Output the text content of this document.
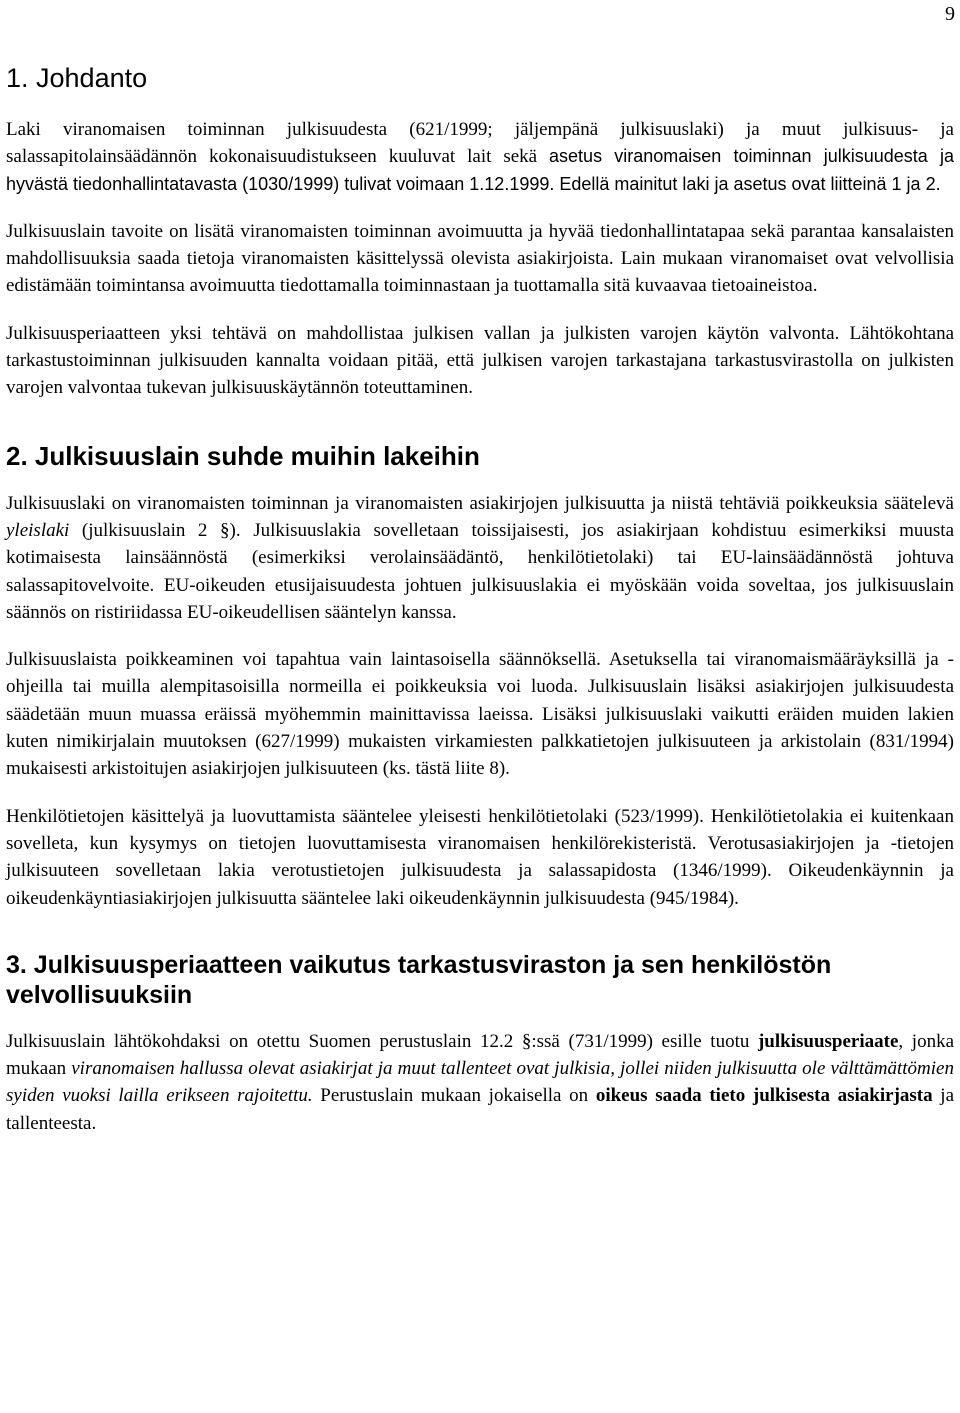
9
1. Johdanto

Laki viranomaisen toiminnan julkisuudesta (621/1999; jäljempänä julkisuuslaki) ja muut julkisuus- ja salassapitolainsäädännön kokonaisuudistukseen kuuluvat lait sekä asetus viranomaisen toiminnan julkisuudesta ja hyvästä tiedonhallintatavasta (1030/1999) tulivat voimaan 1.12.1999. Edellä mainitut laki ja asetus ovat liitteinä 1 ja 2.

Julkisuuslain tavoite on lisätä viranomaisten toiminnan avoimuutta ja hyvää tiedonhallintatapaa sekä parantaa kansalaisten mahdollisuuksia saada tietoja viranomaisten käsittelyssä olevista asiakirjoista. Lain mukaan viranomaiset ovat velvollisia edistämään toimintansa avoimuutta tiedottamalla toiminnastaan ja tuottamalla sitä kuvaavaa tietoaineistoa.

Julkisuusperiaatteen yksi tehtävä on mahdollistaa julkisen vallan ja julkisten varojen käytön valvonta. Lähtökohtana tarkastustoiminnan julkisuuden kannalta voidaan pitää, että julkisen varojen tarkastajana tarkastusvirastolla on julkisten varojen valvontaa tukevan julkisuuskäytännön toteuttaminen.

2. Julkisuuslain suhde muihin lakeihin

Julkisuuslaki on viranomaisten toiminnan ja viranomaisten asiakirjojen julkisuutta ja niistä tehtäviä poikkeuksia säätelevä yleislaki (julkisuuslain 2 §). Julkisuuslakia sovelletaan toissijaisesti, jos asiakirjaan kohdistuu esimerkiksi muusta kotimaisesta lainsäännöstä (esimerkiksi verolainsäädäntö, henkilötietolaki) tai EU-lainsäädännöstä johtuva salassapitovelvoite. EU-oikeuden etusijaisuudesta johtuen julkisuuslakia ei myöskään voida soveltaa, jos julkisuuslain säännös on ristiriidassa EU-oikeudellisen sääntelyn kanssa.

Julkisuuslaista poikkeaminen voi tapahtua vain laintasoisella säännöksellä. Asetuksella tai viranomaismääräyksillä ja -ohjeilla tai muilla alempitasoisilla normeilla ei poikkeuksia voi luoda. Julkisuuslain lisäksi asiakirjojen julkisuudesta säädetään muun muassa eräissä myöhemmin mainittavissa laeissa. Lisäksi julkisuuslaki vaikutti eräiden muiden lakien kuten nimikirjalain muutoksen (627/1999) mukaisten virkamiesten palkkatietojen julkisuuteen ja arkistolain (831/1994) mukaisesti arkistoitujen asiakirjojen julkisuuteen (ks. tästä liite 8).

Henkilötietojen käsittelyä ja luovuttamista sääntelee yleisesti henkilötietolaki (523/1999). Henkilötietolakia ei kuitenkaan sovelleta, kun kysymys on tietojen luovuttamisesta viranomaisen henkilörekisteristä. Verotusasiakirjojen ja -tietojen julkisuuteen sovelletaan lakia verotustietojen julkisuudesta ja salassapidosta (1346/1999). Oikeudenkäynnin ja oikeudenkäyntiasiakirjojen julkisuutta sääntelee laki oikeudenkäynnin julkisuudesta (945/1984).

3. Julkisuusperiaatteen vaikutus tarkastusviraston ja sen henkilöstön velvollisuuksiin

Julkisuuslain lähtökohdaksi on otettu Suomen perustuslain 12.2 §:ssä (731/1999) esille tuotu julkisuusperiaate, jonka mukaan viranomaisen hallussa olevat asiakirjat ja muut tallenteet ovat julkisia, jollei niiden julkisuutta ole välttämättömien syiden vuoksi lailla erikseen rajoitettu. Perustuslain mukaan jokaisella on oikeus saada tieto julkisesta asiakirjasta ja tallenteesta.
